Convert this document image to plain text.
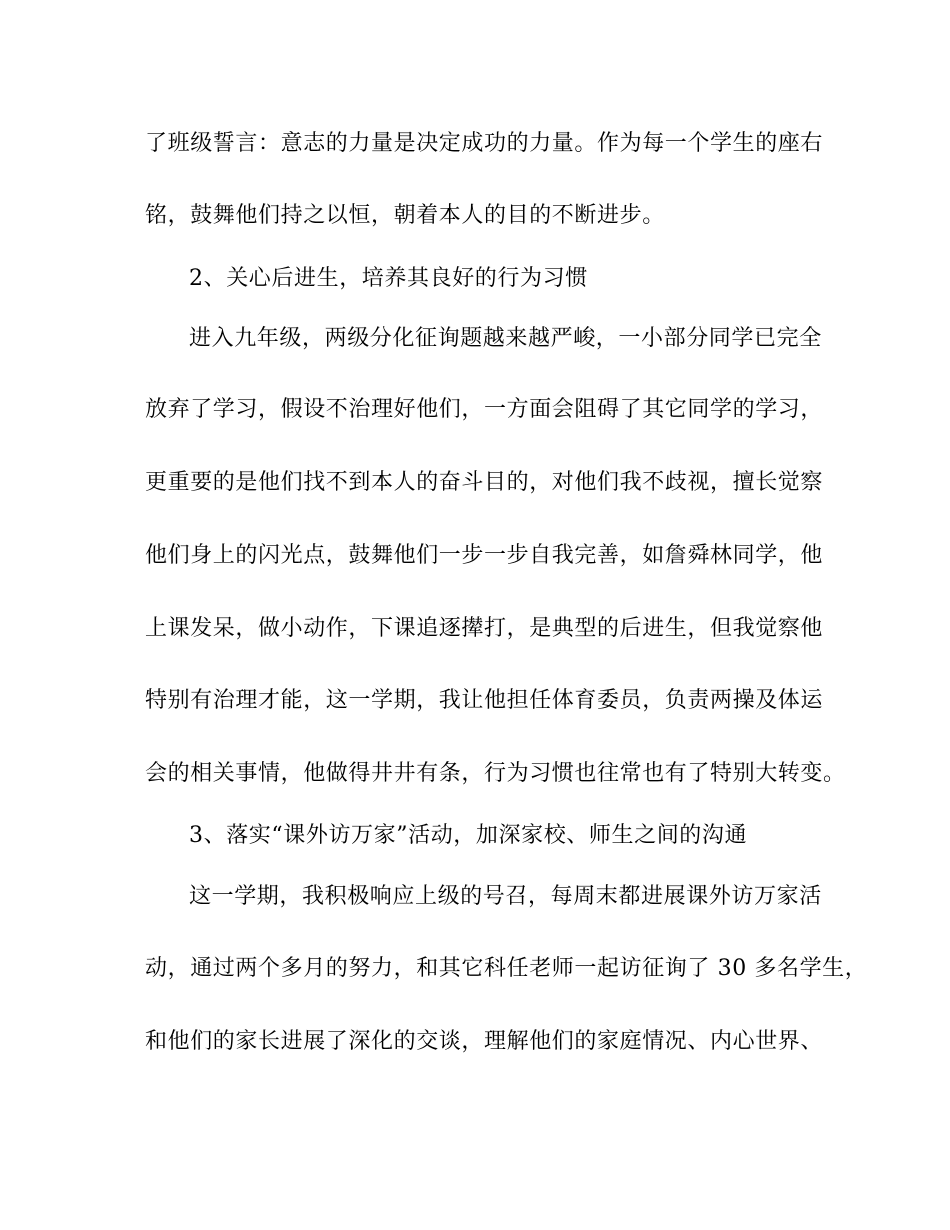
了班级誓言：意志的力量是决定成功的力量。作为每一个学生的座右
铭，鼓舞他们持之以恒，朝着本人的目的不断进步。
2、关心后进生，培养其良好的行为习惯
进入九年级，两级分化征询题越来越严峻，一小部分同学已完全
放弃了学习，假设不治理好他们，一方面会阻碍了其它同学的学习，
更重要的是他们找不到本人的奋斗目的，对他们我不歧视，擅长觉察
他们身上的闪光点，鼓舞他们一步一步自我完善，如詹舜林同学，他
上课发呆，做小动作，下课追逐撵打，是典型的后进生，但我觉察他
特别有治理才能，这一学期，我让他担任体育委员，负责两操及体运
会的相关事情，他做得井井有条，行为习惯也往常也有了特别大转变。
3、落实“课外访万家”活动，加深家校、师生之间的沟通
这一学期，我积极响应上级的号召，每周末都进展课外访万家活
动，通过两个多月的努力，和其它科任老师一起访征询了 30 多名学生，
和他们的家长进展了深化的交谈，理解他们的家庭情况、内心世界、
